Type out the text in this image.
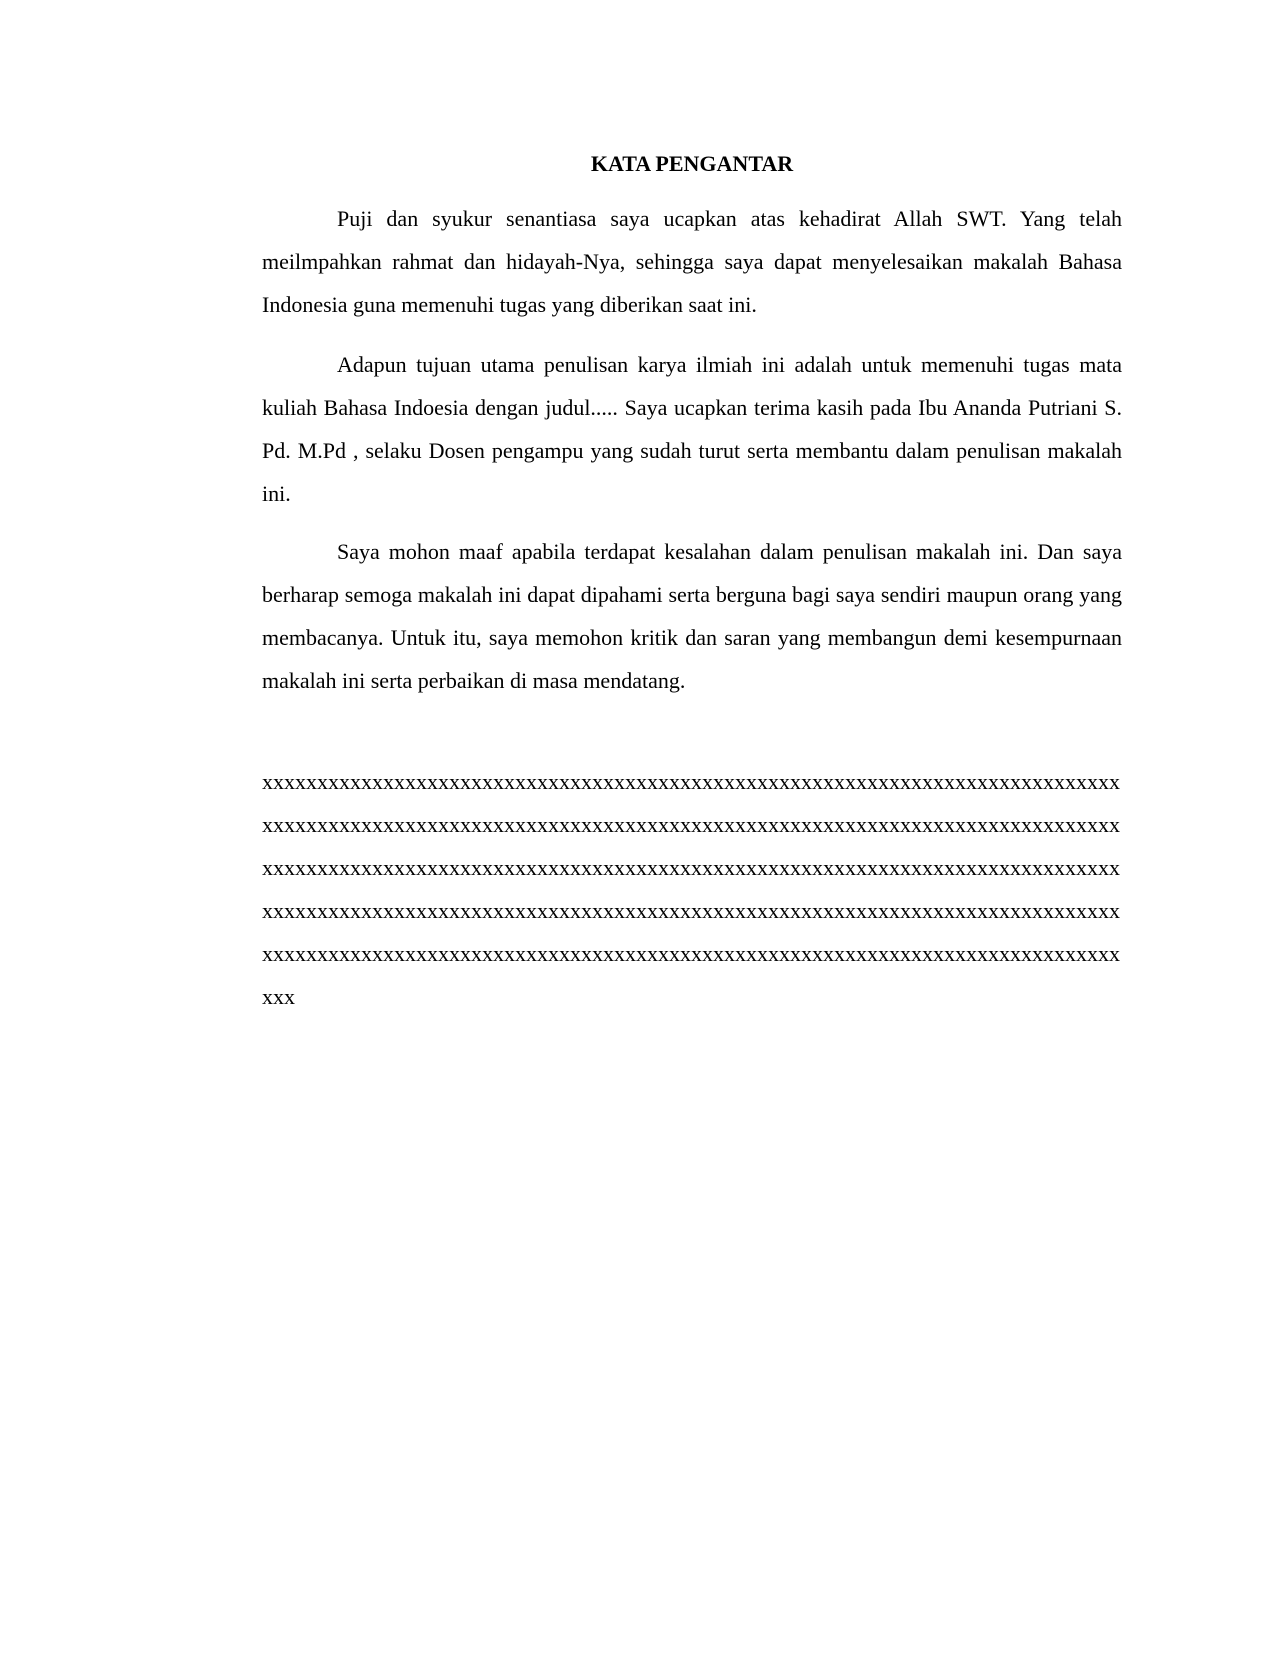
KATA PENGANTAR

Puji dan syukur senantiasa saya ucapkan atas kehadirat Allah SWT. Yang telah meilmpahkan rahmat dan hidayah-Nya, sehingga saya dapat menyelesaikan makalah Bahasa Indonesia guna memenuhi tugas yang diberikan saat ini.

Adapun tujuan utama penulisan karya ilmiah ini adalah untuk memenuhi tugas mata kuliah Bahasa Indoesia dengan judul..... Saya ucapkan terima kasih pada Ibu Ananda Putriani S. Pd. M.Pd , selaku Dosen pengampu yang sudah turut serta membantu dalam penulisan makalah ini.

Saya mohon maaf apabila terdapat kesalahan dalam penulisan makalah ini. Dan saya berharap semoga makalah ini dapat dipahami serta berguna bagi saya sendiri maupun orang yang membacanya. Untuk itu, saya memohon kritik dan saran yang membangun demi kesempurnaan makalah ini serta perbaikan di masa mendatang.

xxxxxxxxxxxxxxxxxxxxxxxxxxxxxxxxxxxxxxxxxxxxxxxxxxxxxxxxxxxxxxxxxxxxxxxxxxxxxxxxxxxxxxxxxxxxxxxxxxxxxxxxxxxxxxxxxxxxxxxxxxxxxxxxxxxxxxxxxxxxxxxxxxxxxxxxxxxxxxxxxxxxxxxxxxxxxxxxxxxxxxxxxxxxxxxxxxxxxxxxxxxxxxxxxxxxxxxxxxxxxxxxxxxxxxxxxxxxxxxxxxxxxxxxxxxxxxxxxxxxxxxxxxxxxxxxxxxxxxxxxxxxxxxxxxxxxxxxxxxxxxxxxxxxxxxxxxxxxxxxxxxxxxxxxxxxxxxxxxxxxxxxxxxxxxxxxxxxxxxxxxxxxxxxxxxxxxxxxxxxxxxxxxxxxxxxx
